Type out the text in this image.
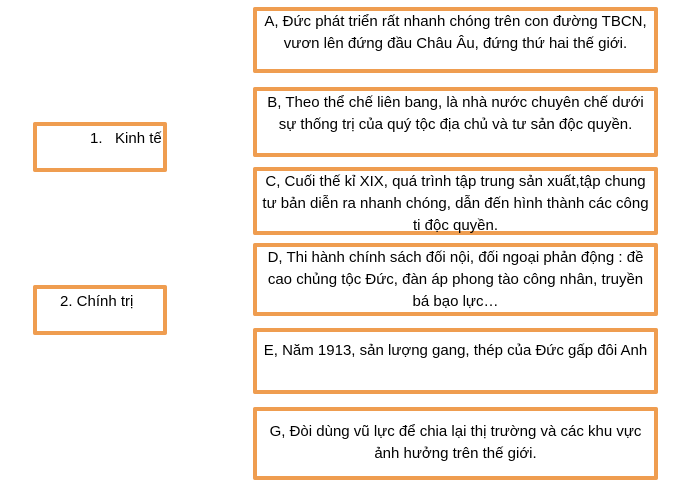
1.   Kinh tế
2. Chính trị
A, Đức phát triển rất nhanh chóng trên con đường TBCN, vươn lên đứng đầu Châu Âu, đứng thứ hai thế giới.
B, Theo thể chế liên bang, là nhà nước chuyên chế dưới sự thống trị của quý tộc địa chủ và tư sản độc quyền.
C, Cuối thế kỉ XIX, quá trình tập trung sản xuất,tập chung tư bản diễn ra nhanh chóng, dẫn đến hình thành các công ti độc quyền.
D, Thi hành chính sách đối nội, đối ngoại phản động : đề cao chủng tộc Đức, đàn áp phong tào công nhân, truyền bá bạo lực…
E, Năm 1913, sản lượng gang, thép của Đức gấp đôi Anh
G, Đòi dùng vũ lực để chia lại thị trường và các khu vực ảnh hưởng trên thế giới.
